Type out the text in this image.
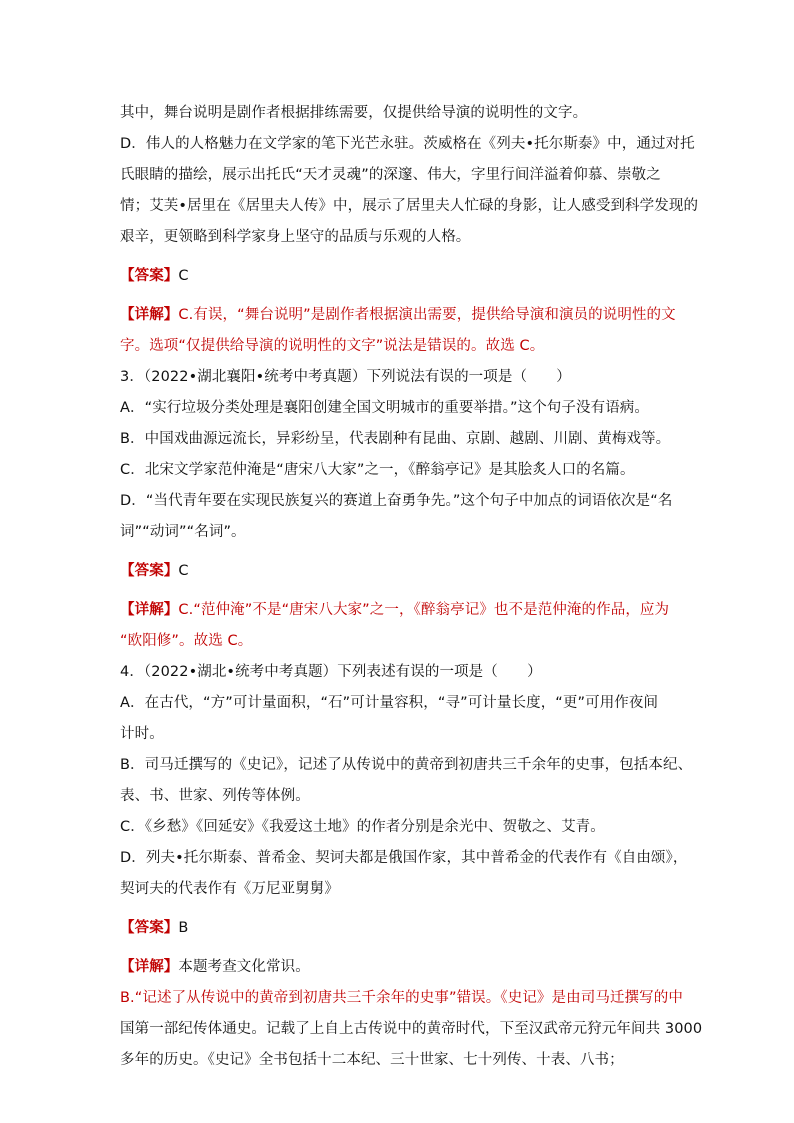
其中，舞台说明是剧作者根据排练需要，仅提供给导演的说明性的文字。
D．伟人的人格魅力在文学家的笔下光芒永驻。茨威格在《列夫•托尔斯泰》中，通过对托
氏眼睛的描绘，展示出托氏“天才灵魂”的深邃、伟大，字里行间洋溢着仰慕、崇敬之
情；艾芙•居里在《居里夫人传》中，展示了居里夫人忙碌的身影，让人感受到科学发现的
艰辛，更领略到科学家身上坚守的品质与乐观的人格。
【答案】C
【详解】C.有误，“舞台说明”是剧作者根据演出需要，提供给导演和演员的说明性的文
字。选项“仅提供给导演的说明性的文字”说法是错误的。故选 C。
3．（2022•湖北襄阳•统考中考真题）下列说法有误的一项是（　　）
A．“实行垃圾分类处理是襄阳创建全国文明城市的重要举措。”这个句子没有语病。
B．中国戏曲源远流长，异彩纷呈，代表剧种有昆曲、京剧、越剧、川剧、黄梅戏等。
C．北宋文学家范仲淹是“唐宋八大家”之一，《醉翁亭记》是其脍炙人口的名篇。
D．“当代青年要在实现民族复兴的赛道上奋勇争先。”这个句子中加点的词语依次是“名
词”“动词”“名词”。
【答案】C
【详解】C.“范仲淹”不是“唐宋八大家”之一，《醉翁亭记》也不是范仲淹的作品，应为
“欧阳修”。故选 C。
4．（2022•湖北•统考中考真题）下列表述有误的一项是（　　）
A．在古代，“方”可计量面积，“石”可计量容积，“寻”可计量长度，“更”可用作夜间
计时。
B．司马迁撰写的《史记》，记述了从传说中的黄帝到初唐共三千余年的史事，包括本纪、
表、书、世家、列传等体例。
C．《乡愁》《回延安》《我爱这土地》的作者分别是余光中、贺敬之、艾青。
D．列夫•托尔斯泰、普希金、契诃夫都是俄国作家，其中普希金的代表作有《自由颂》，
契诃夫的代表作有《万尼亚舅舅》
【答案】B
【详解】本题考查文化常识。
B.“记述了从传说中的黄帝到初唐共三千余年的史事”错误。《史记》是由司马迁撰写的中
国第一部纪传体通史。记载了上自上古传说中的黄帝时代，下至汉武帝元狩元年间共 3000
多年的历史。《史记》全书包括十二本纪、三十世家、七十列传、十表、八书；
